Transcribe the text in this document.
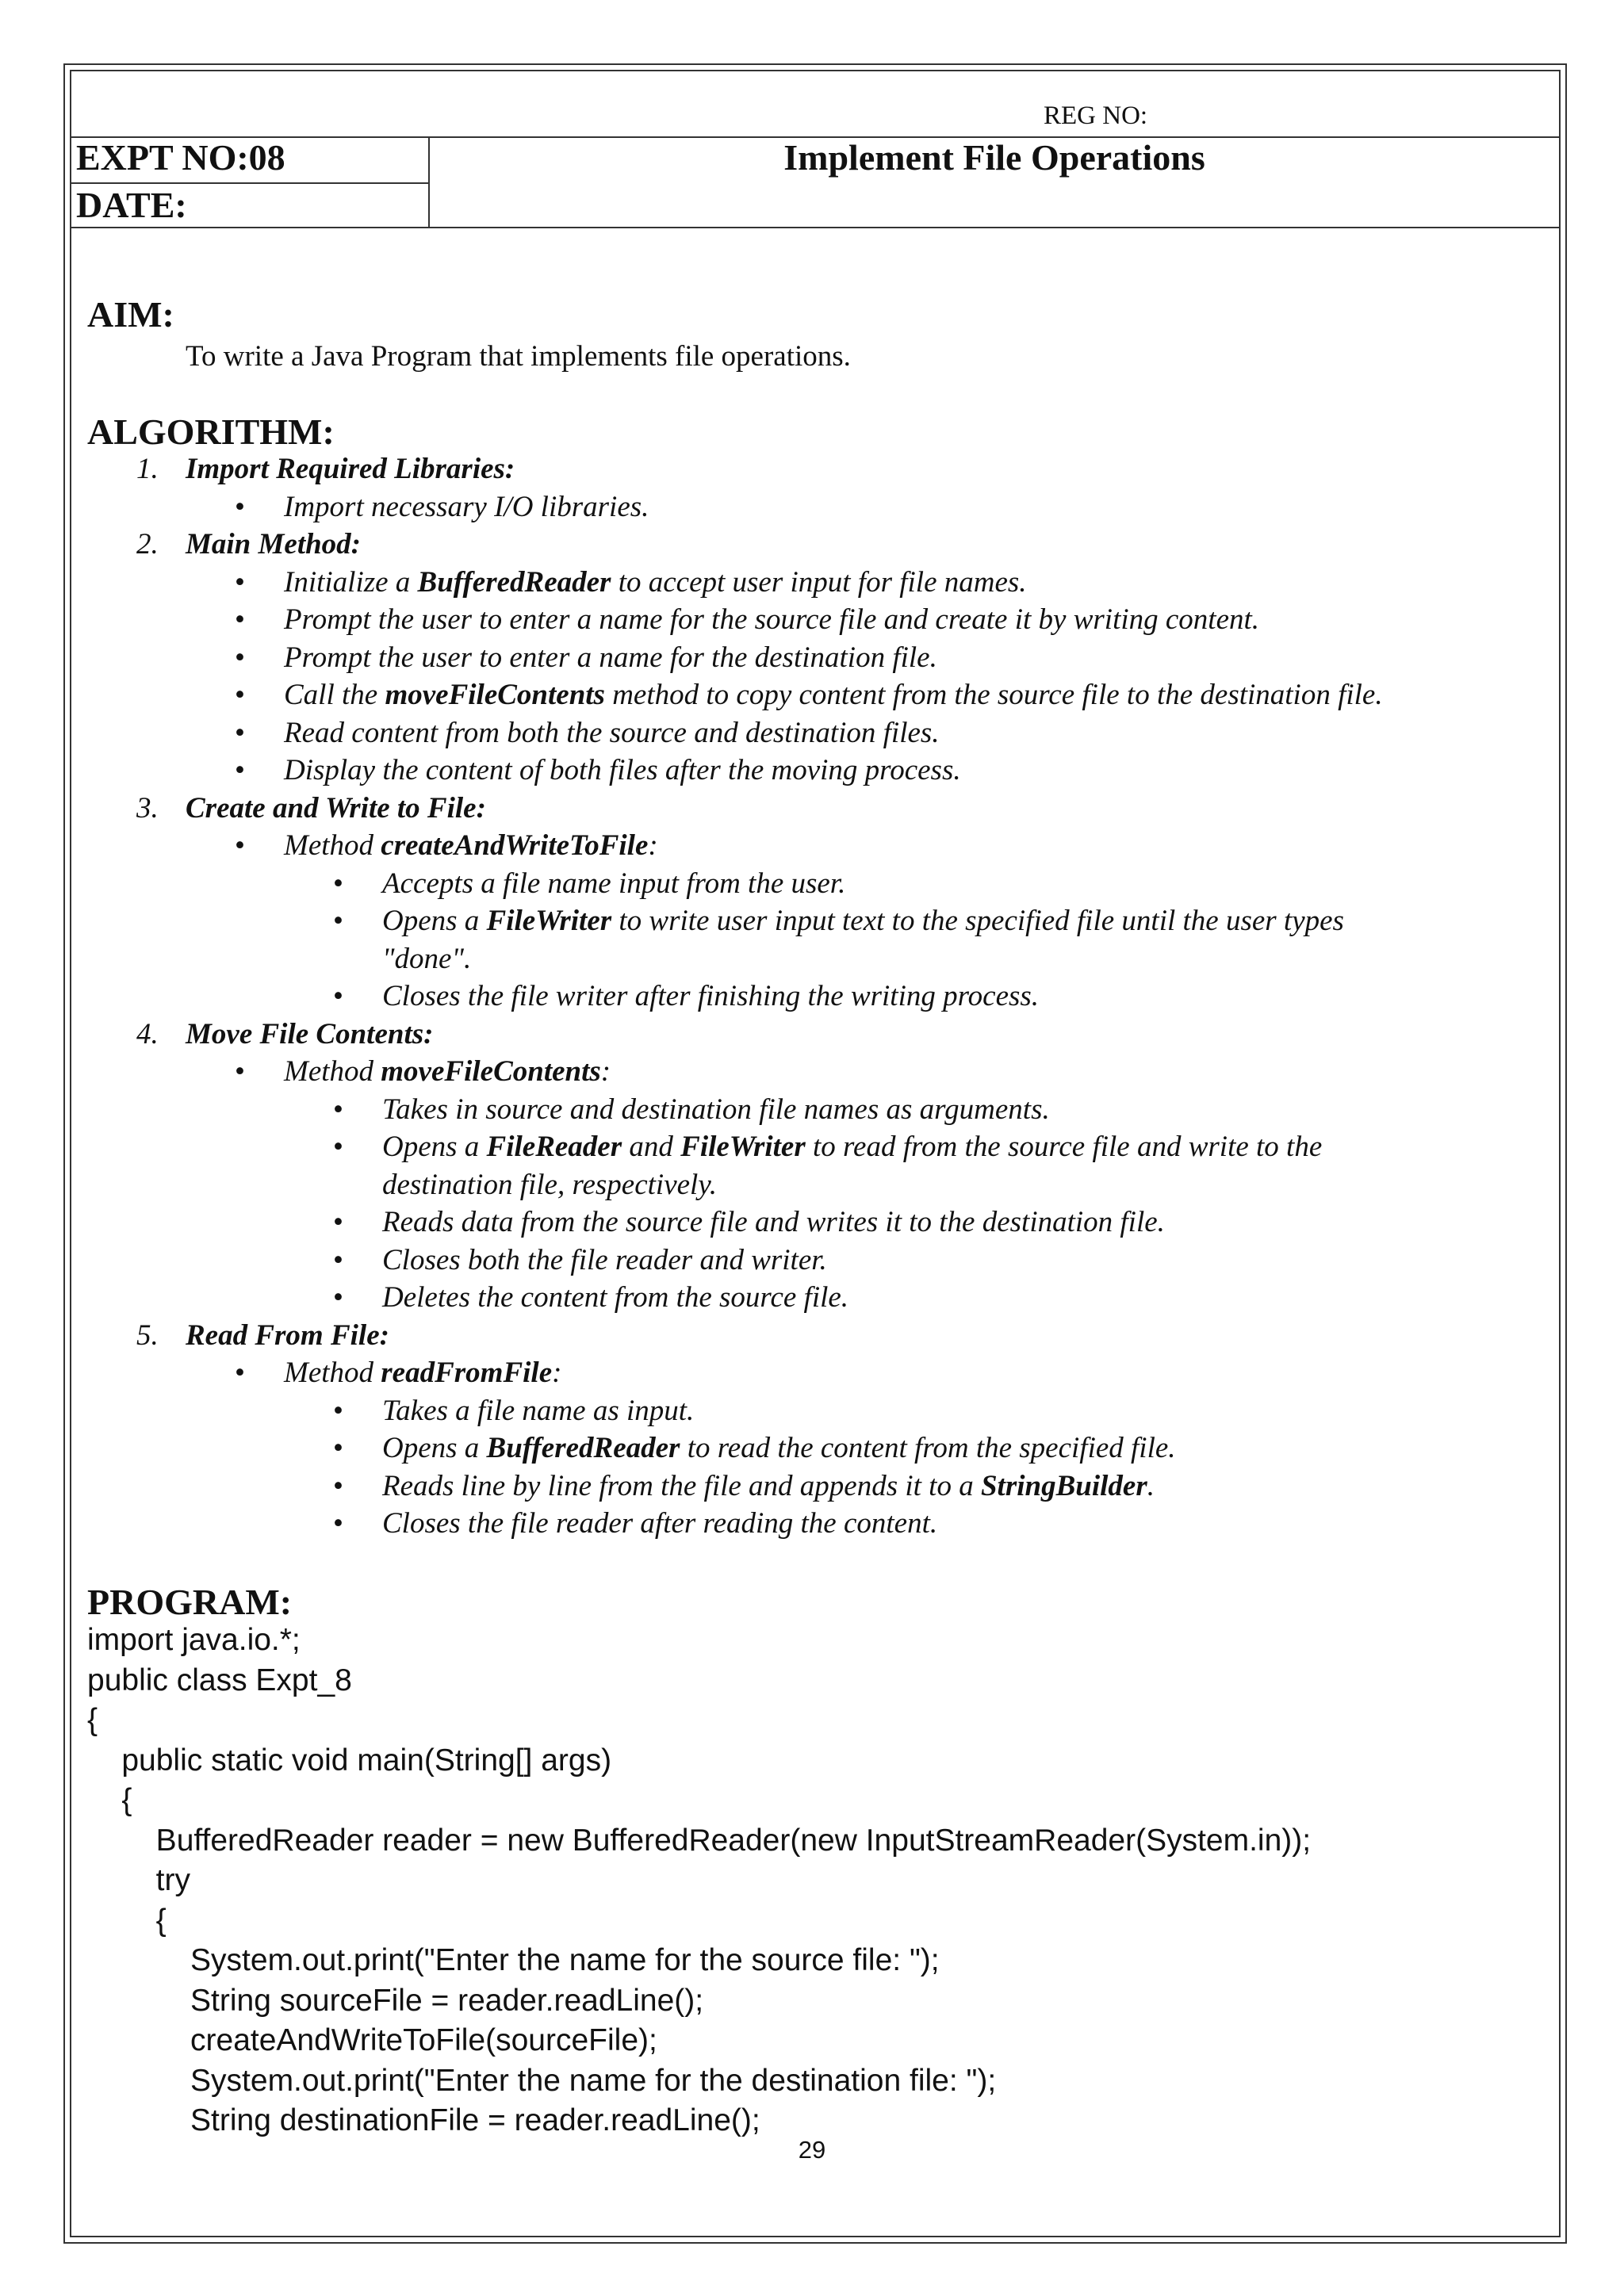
REG NO:
EXPT NO:08
DATE:
Implement File Operations
AIM:
To write a Java Program that implements file operations.
ALGORITHM:
1. Import Required Libraries:
• Import necessary I/O libraries.
2. Main Method:
• Initialize a BufferedReader to accept user input for file names.
• Prompt the user to enter a name for the source file and create it by writing content.
• Prompt the user to enter a name for the destination file.
• Call the moveFileContents method to copy content from the source file to the destination file.
• Read content from both the source and destination files.
• Display the content of both files after the moving process.
3. Create and Write to File:
• Method createAndWriteToFile:
• Accepts a file name input from the user.
• Opens a FileWriter to write user input text to the specified file until the user types
"done".
• Closes the file writer after finishing the writing process.
4. Move File Contents:
• Method moveFileContents:
• Takes in source and destination file names as arguments.
• Opens a FileReader and FileWriter to read from the source file and write to the
destination file, respectively.
• Reads data from the source file and writes it to the destination file.
• Closes both the file reader and writer.
• Deletes the content from the source file.
5. Read From File:
• Method readFromFile:
• Takes a file name as input.
• Opens a BufferedReader to read the content from the specified file.
• Reads line by line from the file and appends it to a StringBuilder.
• Closes the file reader after reading the content.
PROGRAM:
import java.io.*;
public class Expt_8
{
public static void main(String[] args)
{
BufferedReader reader = new BufferedReader(new InputStreamReader(System.in));
try
{
System.out.print("Enter the name for the source file: ");
String sourceFile = reader.readLine();
createAndWriteToFile(sourceFile);
System.out.print("Enter the name for the destination file: ");
String destinationFile = reader.readLine();
29
